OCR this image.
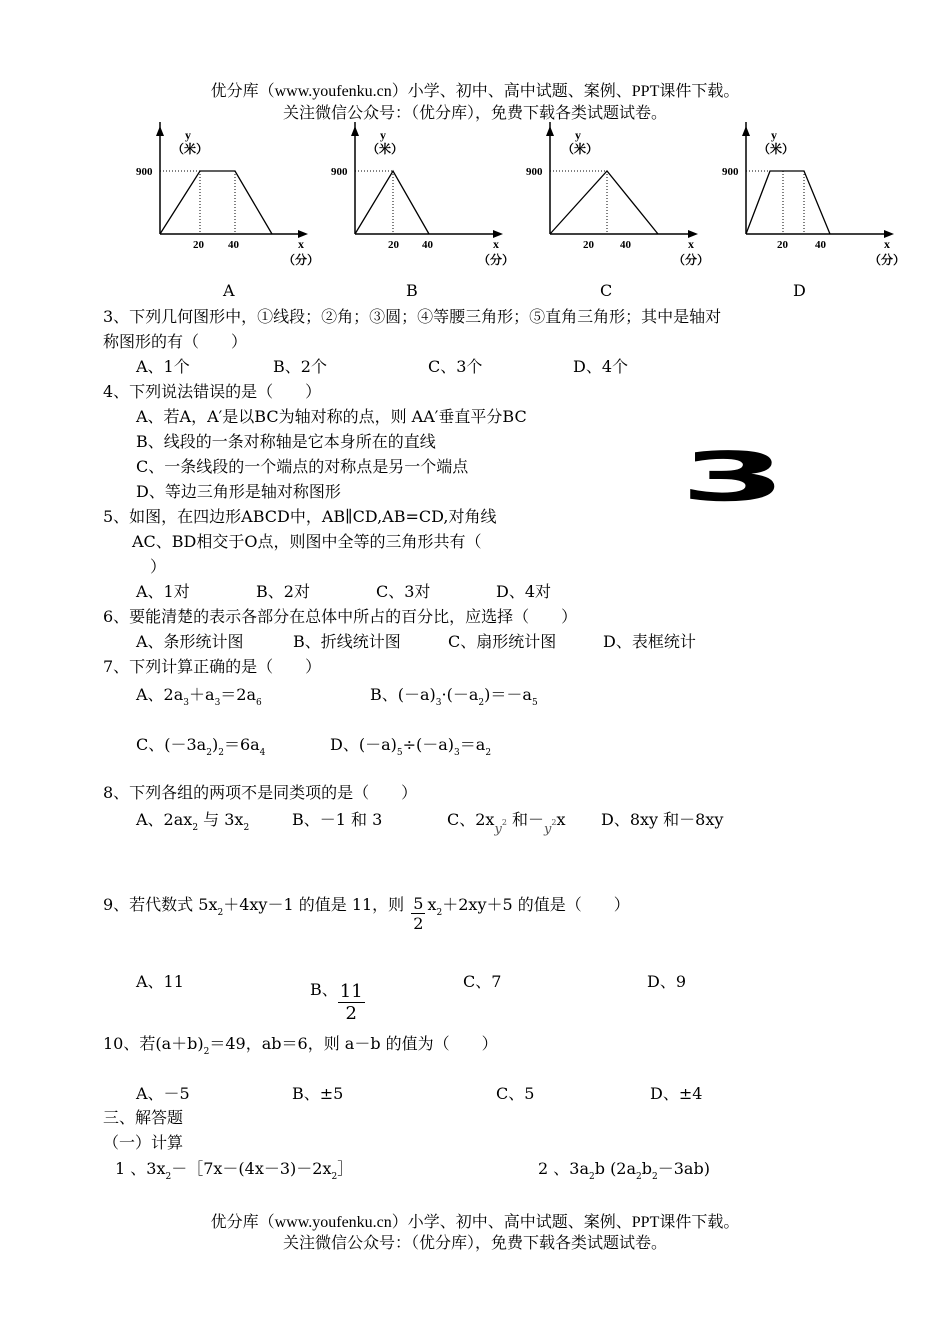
优分库（www.youfenku.cn）小学、初中、高中试题、案例、PPT课件下载。
关注微信公众号：（优分库），免费下载各类试题试卷。
y
（米）
900
20 40	x
（分）
y
（米）
900
20 40	x
（分）
y
（米）
900
20 40	x
（分）
y
（米）
900
20 40	x
（分）
A	B	C	D
3、下列几何图形中，①线段；②角；③圆；④等腰三角形；⑤直角三角形；其中是轴对
称图形的有（　　）
A、1个	B、2个	C、3个	D、4个
4、下列说法错误的是（　　）
A、若A，A′是以BC为轴对称的点，则 AA′垂直平分BC
B、线段的一条对称轴是它本身所在的直线
C、一条线段的一个端点的对称点是另一个端点
D、等边三角形是轴对称图形	3
5、如图，在四边形ABCD中，AB∥CD,AB=CD,对角线
AC、BD相交于O点，则图中全等的三角形共有（
）
A、1对	B、2对	C、3对	D、4对
6、要能清楚的表示各部分在总体中所占的百分比，应选择（　　）
A、条形统计图	B、折线统计图	C、扇形统计图	D、表框统计
7、下列计算正确的是（　　）
A、$2a_3+a_3=2a_6$	B、$(-a)_3\cdot(-a_2)=-a_5$
C、$(-3a_2)_2=6a_4$	D、$(-a)_5\div(-a)_3=a_2$
8、下列各组的两项不是同类项的是（　　）
A、$2ax_2$ 与 $3x_2$	B、－1 和 3	C、$2x_y2$ 和$-_y2x$ D、8xy 和－8xy
9、若代数式 $5x_2+4xy-1$ 的值是 11，则 $\frac{5}{2} x_2+2xy+5$ 的值是（　　）
A、11	B、 $\frac{11}{2}$	C、7	D、9
10、若$(a+b)_2=49$，ab＝6，则 a－b 的值为（　　）
A、－5	B、±5	C、5	D、±4
三、解答题
（一）计算
1 、$3x_2-[7x-(4x-3)-2x_2]$	2 、$3a_2b$ $(2a_2b_2-3ab)$
优分库（www.youfenku.cn）小学、初中、高中试题、案例、PPT课件下载。
关注微信公众号：（优分库），免费下载各类试题试卷。
